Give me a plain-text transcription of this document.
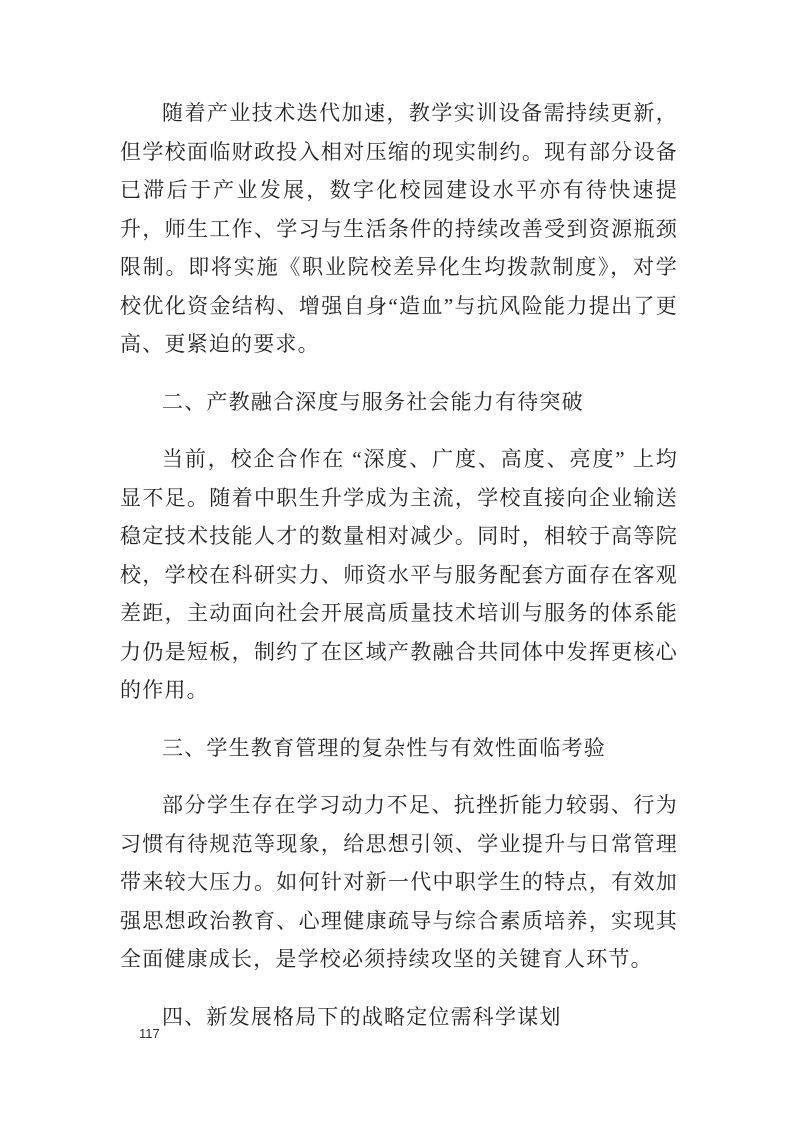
随着产业技术迭代加速，教学实训设备需持续更新，但学校面临财政投入相对压缩的现实制约。现有部分设备已滞后于产业发展，数字化校园建设水平亦有待快速提升，师生工作、学习与生活条件的持续改善受到资源瓶颈限制。即将实施《职业院校差异化生均拨款制度》，对学校优化资金结构、增强自身“造血”与抗风险能力提出了更高、更紧迫的要求。

二、产教融合深度与服务社会能力有待突破

当前，校企合作在 “深度、广度、高度、亮度” 上均显不足。随着中职生升学成为主流，学校直接向企业输送稳定技术技能人才的数量相对减少。同时，相较于高等院校，学校在科研实力、师资水平与服务配套方面存在客观差距，主动面向社会开展高质量技术培训与服务的体系能力仍是短板，制约了在区域产教融合共同体中发挥更核心的作用。

三、学生教育管理的复杂性与有效性面临考验

部分学生存在学习动力不足、抗挫折能力较弱、行为习惯有待规范等现象，给思想引领、学业提升与日常管理带来较大压力。如何针对新一代中职学生的特点，有效加强思想政治教育、心理健康疏导与综合素质培养，实现其全面健康成长，是学校必须持续攻坚的关键育人环节。

四、新发展格局下的战略定位需科学谋划

117
